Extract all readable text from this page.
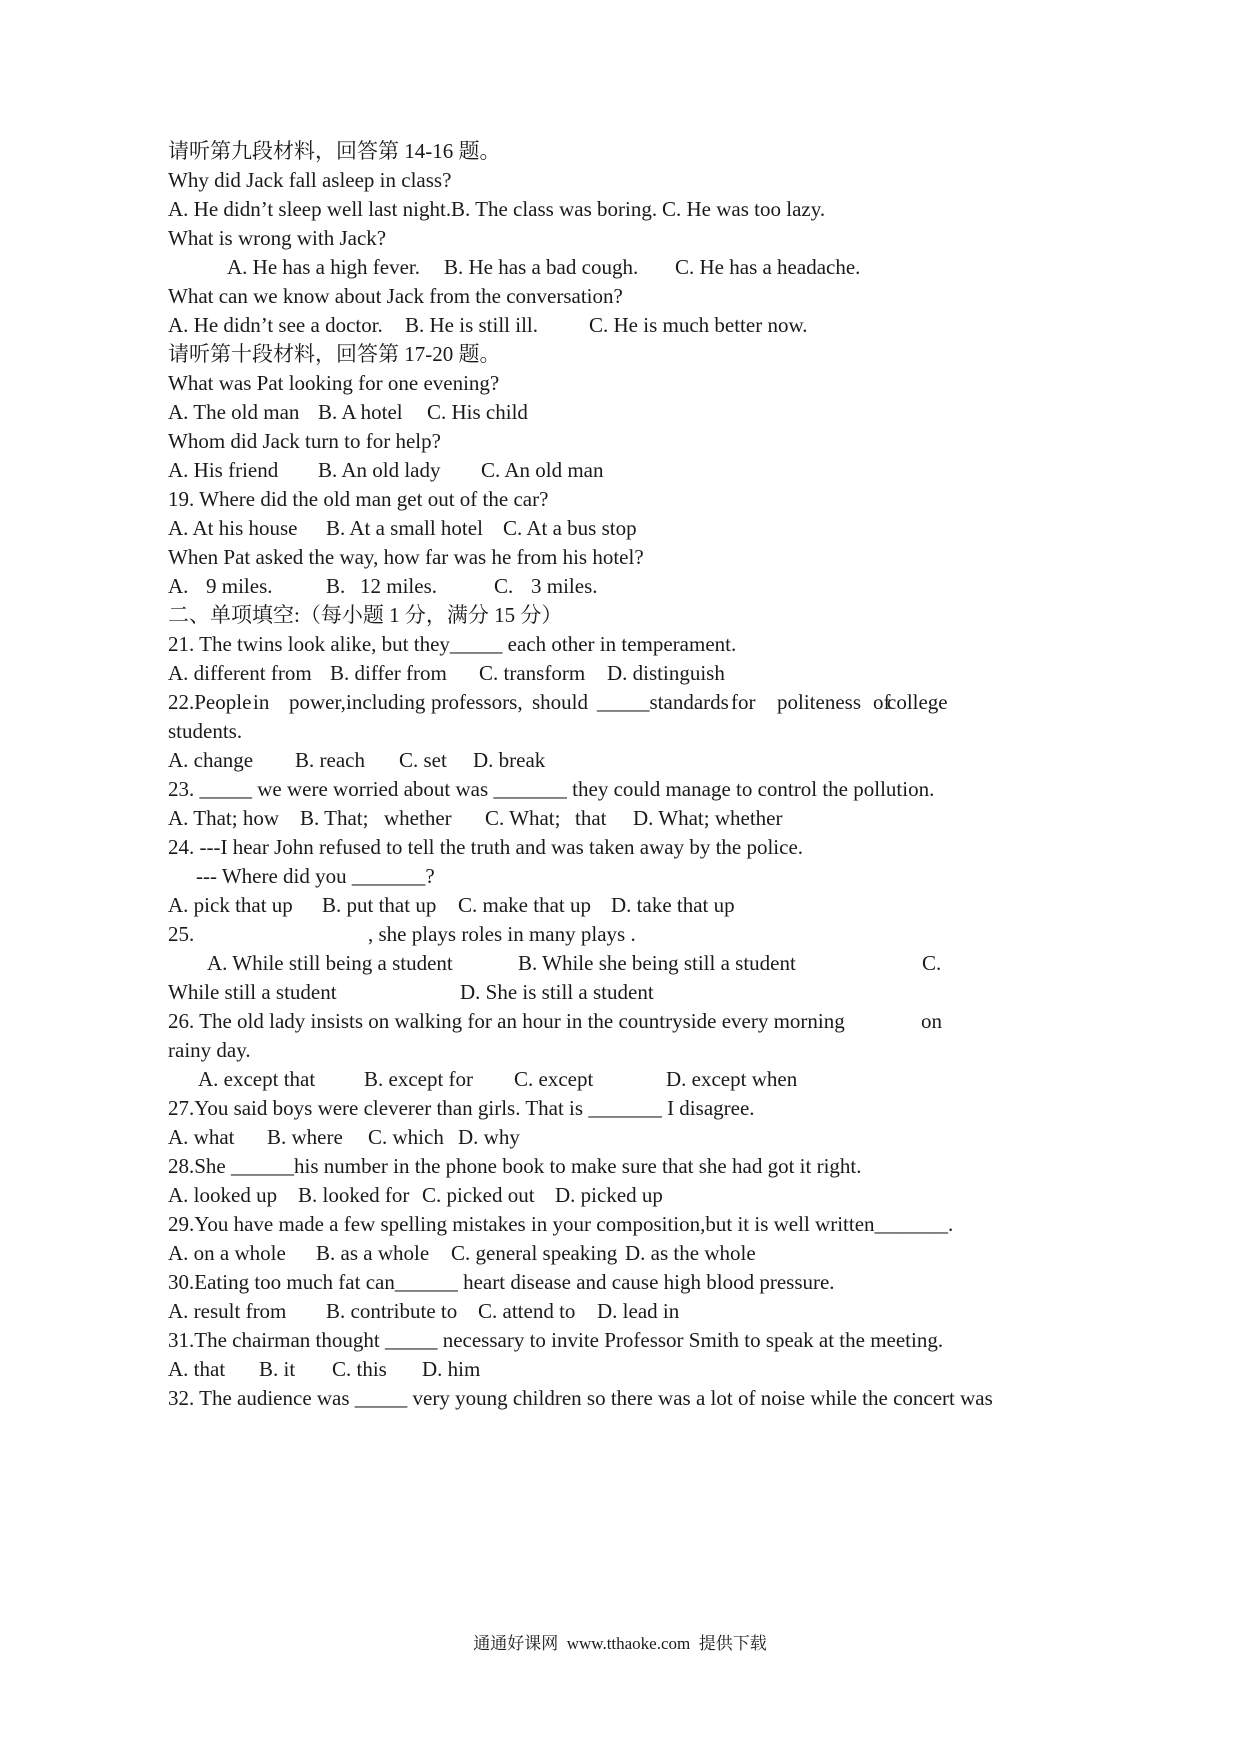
请听第九段材料，回答第 14-16 题。
Why did Jack fall asleep in class?
A. He didn’t sleep well last night. B. The class was boring. C. He was too lazy.
What is wrong with Jack?
A. He has a high fever. B. He has a bad cough. C. He has a headache.
What can we know about Jack from the conversation?
A. He didn’t see a doctor. B. He is still ill. C. He is much better now.
请听第十段材料，回答第 17-20 题。
What was Pat looking for one evening?
A. The old man B. A hotel C. His child
Whom did Jack turn to for help?
A. His friend B. An old lady C. An old man
19. Where did the old man get out of the car?
A. At his house B. At a small hotel C. At a bus stop
When Pat asked the way, how far was he from his hotel?
A. 9 miles.	B. 12 miles.	C. 3 miles.
二、单项填空:（每小题 1 分，满分 15 分）
21. The twins look alike, but they_____ each other in temperament.
A. different from B. differ from C. transform D. distinguish
22.People in power, including professors, should _____standards for politeness of
college
students.
A. change B. reach C. set D. break
23. _____ we were worried about was _______ they could manage to control the pollution.
A. That; how B. That; whether C. What; that D. What; whether
24. ---I hear John refused to tell the truth and was taken away by the police.
--- Where did you _______?
A. pick that up B. put that up C. make that up D. take that up
25.	, she plays roles in many plays .
A. While still being a student	B. While she being still a student	C.
While still a student	D. She is still a student
26. The old lady insists on walking for an hour in the countryside every morning	on
rainy day.
A. except that B. except for C. except	D. except when
27.You said boys were cleverer than girls. That is _______ I disagree.
A. what B. where C. which D. why
28.She ______his number in the phone book to make sure that she had got it right.
A. looked up B. looked for C. picked out D. picked up
29.You have made a few spelling mistakes in your composition,but it is well written_______.
A. on a whole B. as a whole C. general speaking D. as the whole
30.Eating too much fat can______ heart disease and cause high blood pressure.
A. result from B. contribute to C. attend to D. lead in
31.The chairman thought _____ necessary to invite Professor Smith to speak at the meeting.
A. that B. it C. this D. him
32. The audience was _____ very young children so there was a lot of noise while the concert was
通通好课网  www.tthaoke.com  提供下载
